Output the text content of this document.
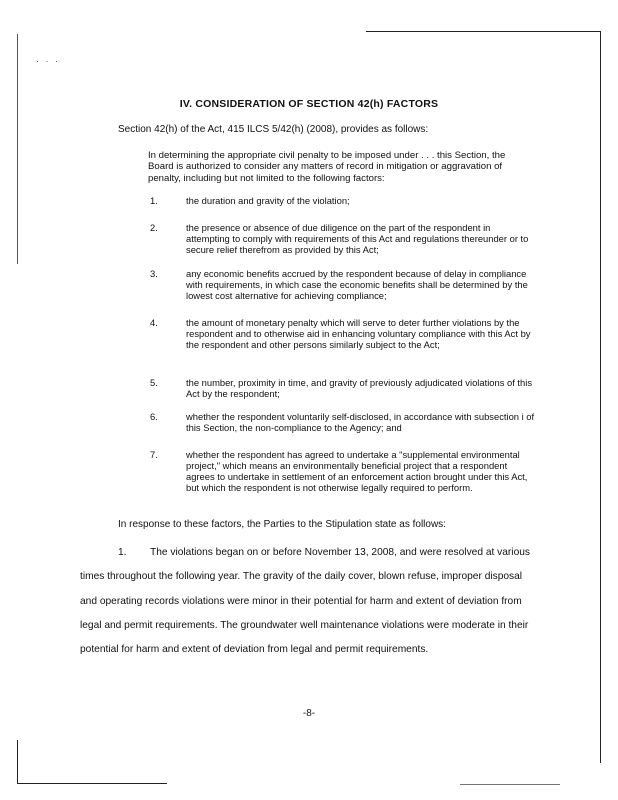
· · ·
IV. CONSIDERATION OF SECTION 42(h) FACTORS
Section 42(h) of the Act, 415 ILCS 5/42(h) (2008), provides as follows:
In determining the appropriate civil penalty to be imposed under . . . this Section, the Board is authorized to consider any matters of record in mitigation or aggravation of penalty, including but not limited to the following factors:
1.	the duration and gravity of the violation;
2.	the presence or absence of due diligence on the part of the respondent in attempting to comply with requirements of this Act and regulations thereunder or to secure relief therefrom as provided by this Act;
3.	any economic benefits accrued by the respondent because of delay in compliance with requirements, in which case the economic benefits shall be determined by the lowest cost alternative for achieving compliance;
4.	the amount of monetary penalty which will serve to deter further violations by the respondent and to otherwise aid in enhancing voluntary compliance with this Act by the respondent and other persons similarly subject to the Act;
5.	the number, proximity in time, and gravity of previously adjudicated violations of this Act by the respondent;
6.	whether the respondent voluntarily self-disclosed, in accordance with subsection i of this Section, the non-compliance to the Agency; and
7.	whether the respondent has agreed to undertake a "supplemental environmental project," which means an environmentally beneficial project that a respondent agrees to undertake in settlement of an enforcement action brought under this Act, but which the respondent is not otherwise legally required to perform.
In response to these factors, the Parties to the Stipulation state as follows:
1.	The violations began on or before November 13, 2008, and were resolved at various times throughout the following year. The gravity of the daily cover, blown refuse, improper disposal and operating records violations were minor in their potential for harm and extent of deviation from legal and permit requirements. The groundwater well maintenance violations were moderate in their potential for harm and extent of deviation from legal and permit requirements.
-8-
